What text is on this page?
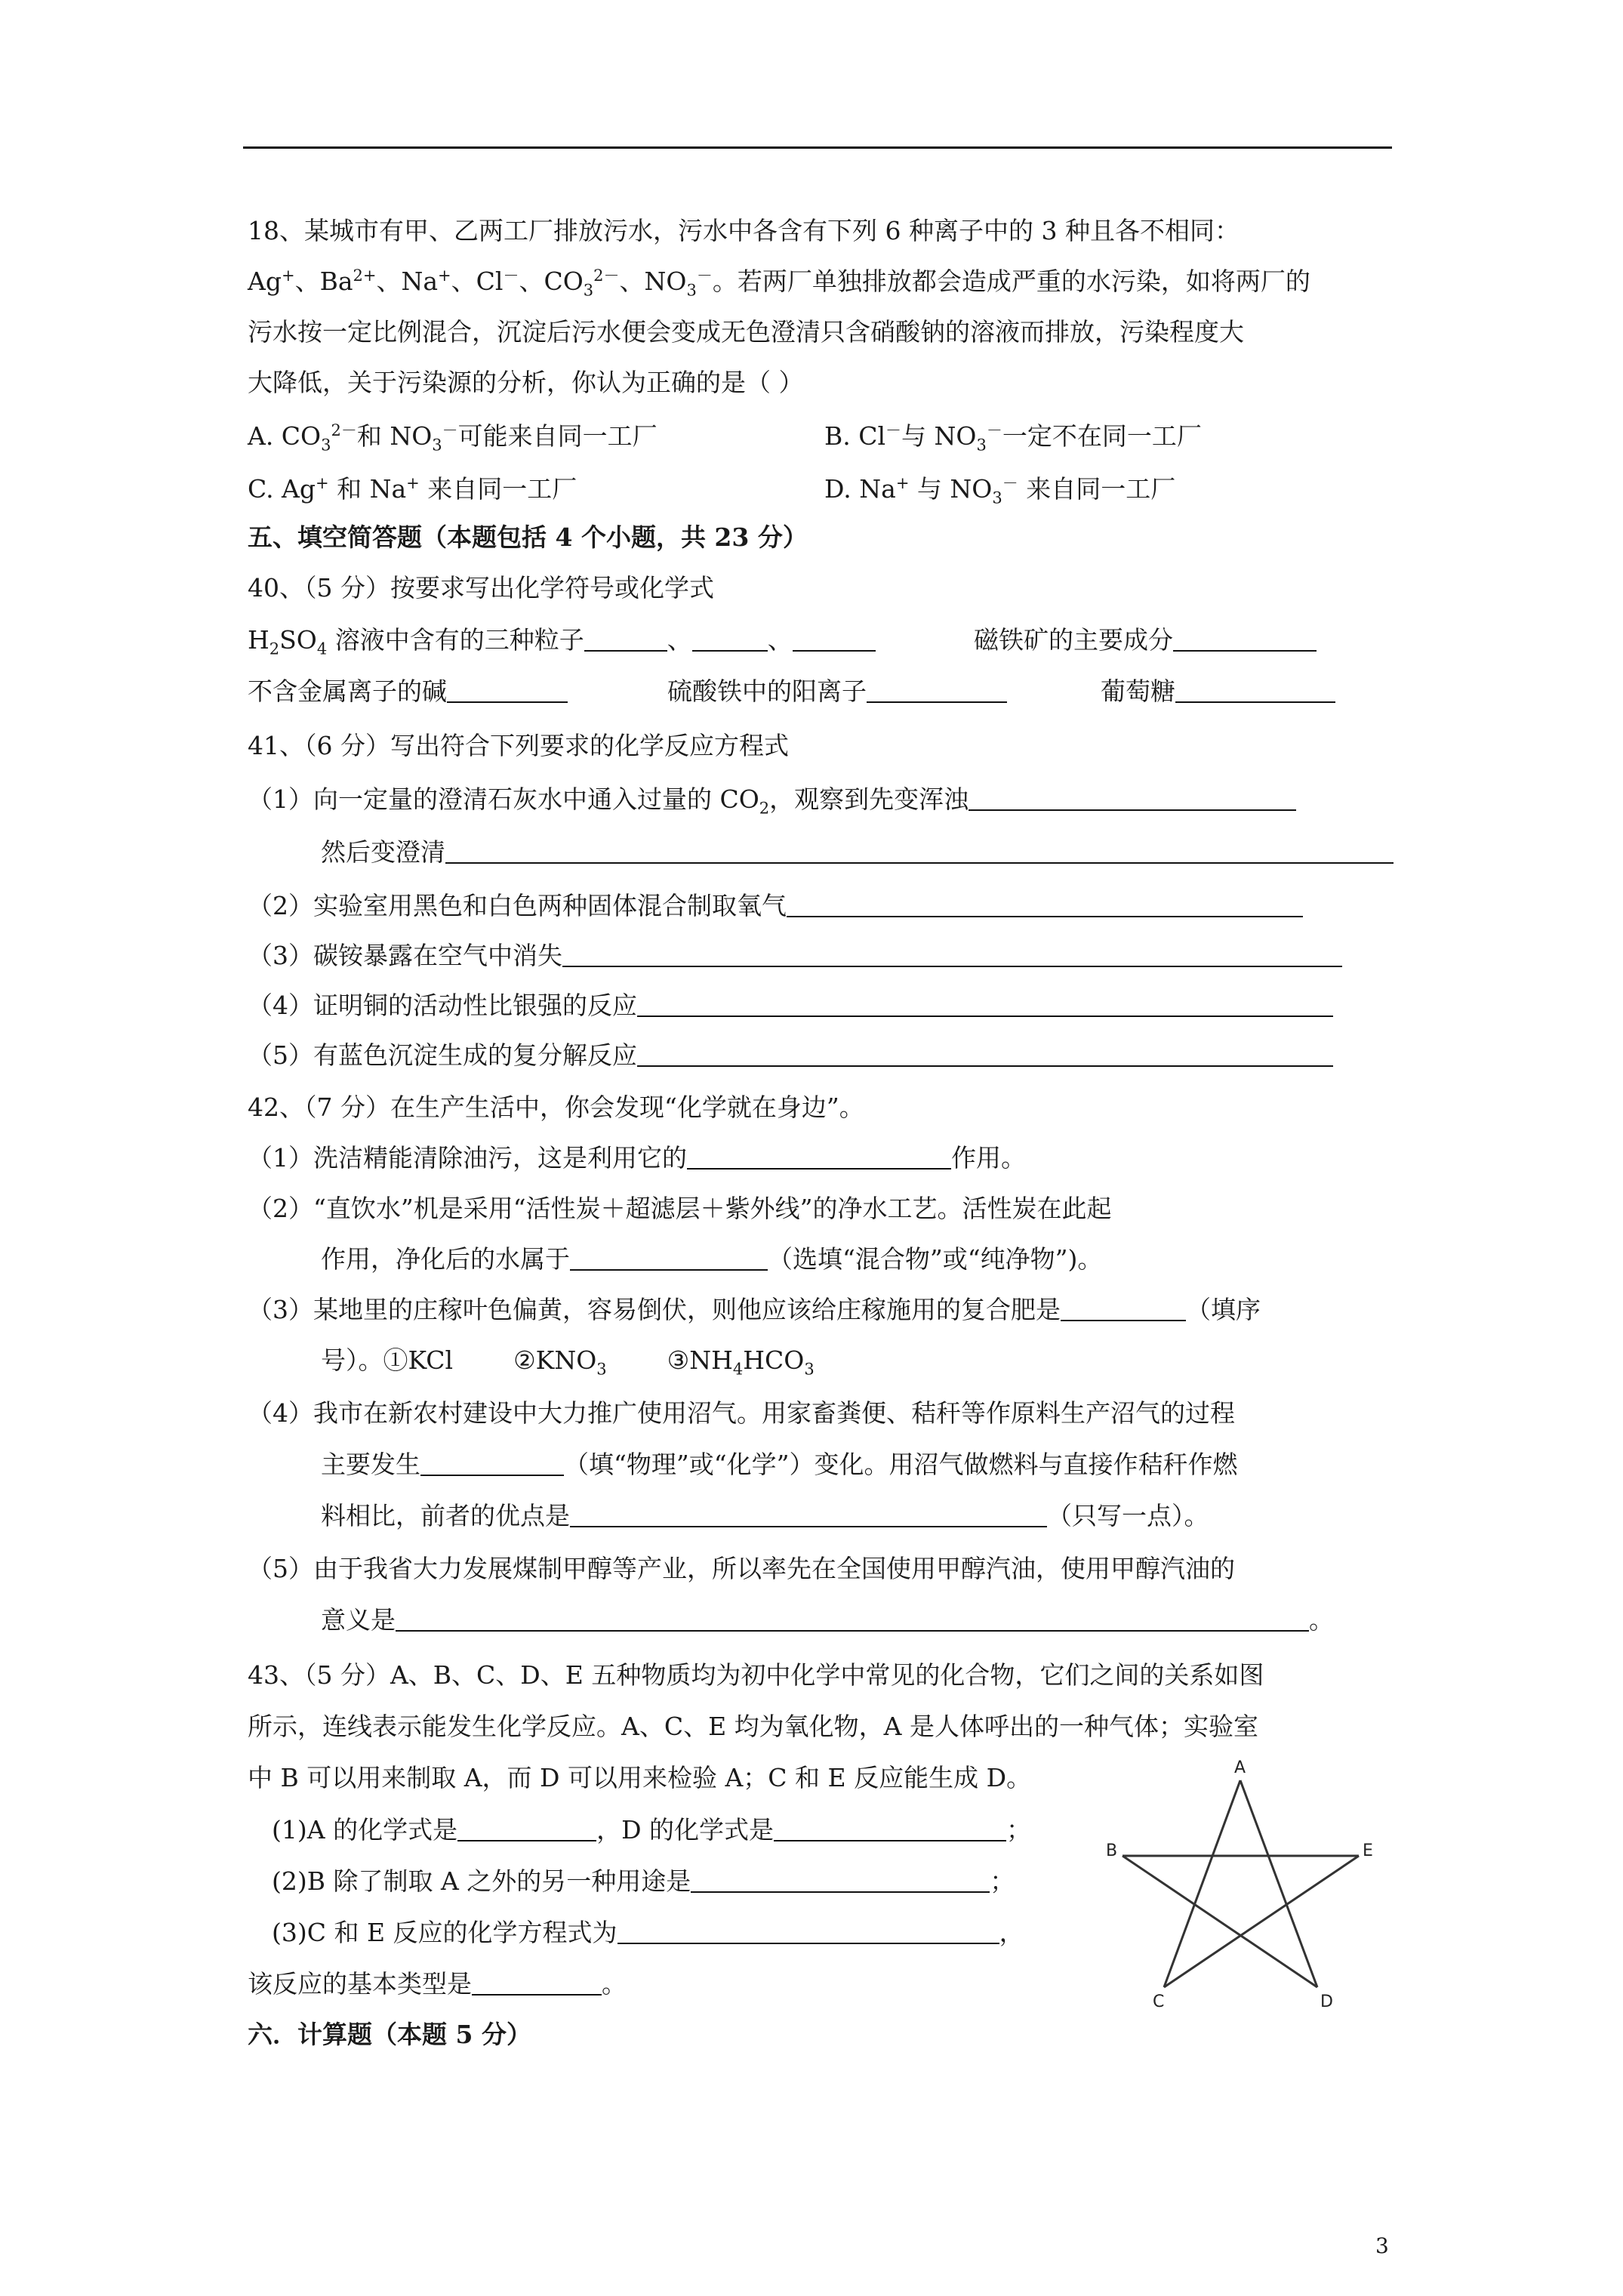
18、某城市有甲、乙两工厂排放污水，污水中各含有下列 6 种离子中的 3 种且各不相同：
Ag+、$Ba^{2+}$、Na+、Cl－、$CO_3^{2-}$、$NO_3^-$。若两厂单独排放都会造成严重的水污染，如将两厂的
污水按一定比例混合，沉淀后污水便会变成无色澄清只含硝酸钠的溶液而排放，污染程度大
大降低，关于污染源的分析，你认为正确的是（ ）
A. $CO_3^{2-}$和 $NO_3^-$可能来自同一工厂	B. Cl－与 $NO_3^-$一定不在同一工厂
C. Ag+ 和 Na+ 来自同一工厂	D. Na+ 与 $NO_3^-$ 来自同一工厂
五、填空简答题（本题包括 4 个小题，共 23 分）
40、（5 分）按要求写出化学符号或化学式
$H_2SO_4$ 溶液中含有的三种粒子	、	、	磁铁矿的主要成分
不含金属离子的碱	硫酸铁中的阳离子	葡萄糖
41、（6 分）写出符合下列要求的化学反应方程式
（1）向一定量的澄清石灰水中通入过量的 $CO_2$，观察到先变浑浊
然后变澄清
（2）实验室用黑色和白色两种固体混合制取氧气
（3）碳铵暴露在空气中消失
（4）证明铜的活动性比银强的反应
（5）有蓝色沉淀生成的复分解反应
42、（7 分）在生产生活中，你会发现“化学就在身边”。
（1）洗洁精能清除油污，这是利用它的	作用。
（2）“直饮水”机是采用“活性炭＋超滤层＋紫外线”的净水工艺。活性炭在此起
作用，净化后的水属于	（选填“混合物”或“纯净物”)。
（3）某地里的庄稼叶色偏黄，容易倒伏，则他应该给庄稼施用的复合肥是	（填序
号）。①KCl $②KNO_3$ $③NH_4HCO_3$
（4）我市在新农村建设中大力推广使用沼气。用家畜粪便、秸秆等作原料生产沼气的过程
主要发生	（填“物理”或“化学”）变化。用沼气做燃料与直接作秸秆作燃
料相比，前者的优点是	（只写一点）。
（5）由于我省大力发展煤制甲醇等产业，所以率先在全国使用甲醇汽油，使用甲醇汽油的
意义是	。
43、（5 分）A、B、C、D、E 五种物质均为初中化学中常见的化合物，它们之间的关系如图
所示，连线表示能发生化学反应。A、C、E 均为氧化物，A 是人体呼出的一种气体；实验室
中 B 可以用来制取 A，而 D 可以用来检验 A；C 和 E 反应能生成 D。
(1)A 的化学式是	，D 的化学式是	；
(2)B 除了制取 A 之外的另一种用途是	；
(3)C 和 E 反应的化学方程式为	，
该反应的基本类型是	。
A
B
C	D
E
六．计算题（本题 5 分）
3
